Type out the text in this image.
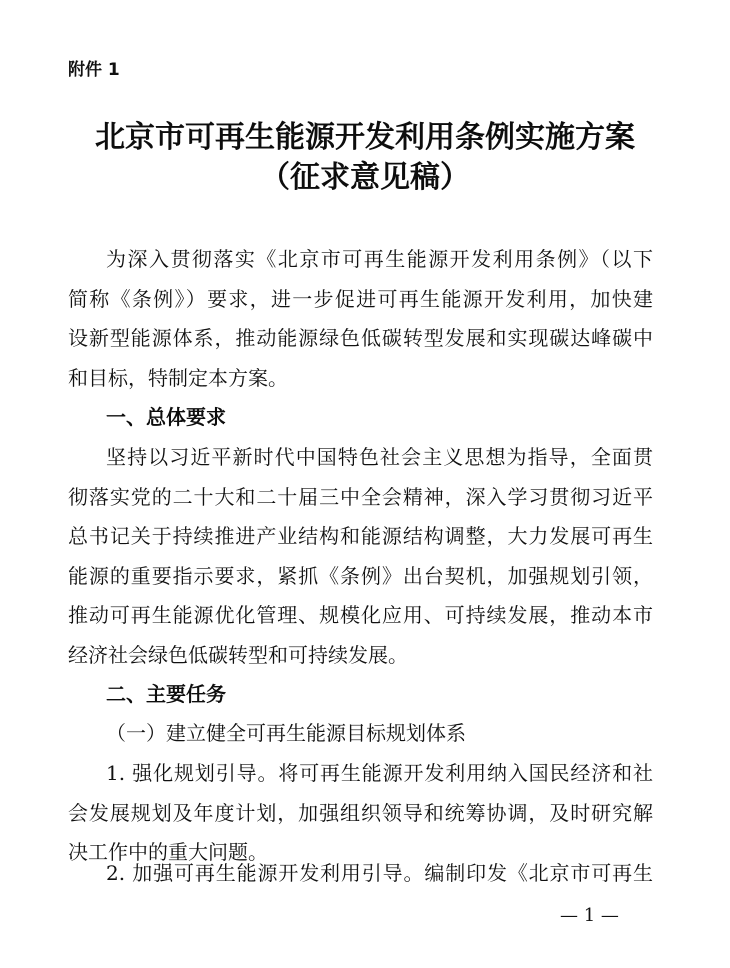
附件 1
北京市可再生能源开发利用条例实施方案
（征求意见稿）
为深入贯彻落实《北京市可再生能源开发利用条例》（以下
简称《条例》）要求，进一步促进可再生能源开发利用，加快建
设新型能源体系，推动能源绿色低碳转型发展和实现碳达峰碳中
和目标，特制定本方案。
一、总体要求
坚持以习近平新时代中国特色社会主义思想为指导，全面贯
彻落实党的二十大和二十届三中全会精神，深入学习贯彻习近平
总书记关于持续推进产业结构和能源结构调整，大力发展可再生
能源的重要指示要求，紧抓《条例》出台契机，加强规划引领，
推动可再生能源优化管理、规模化应用、可持续发展，推动本市
经济社会绿色低碳转型和可持续发展。
二、主要任务
（一）建立健全可再生能源目标规划体系
1. 强化规划引导。将可再生能源开发利用纳入国民经济和社
会发展规划及年度计划，加强组织领导和统筹协调，及时研究解
决工作中的重大问题。
2. 加强可再生能源开发利用引导。编制印发《北京市可再生
— 1 —
